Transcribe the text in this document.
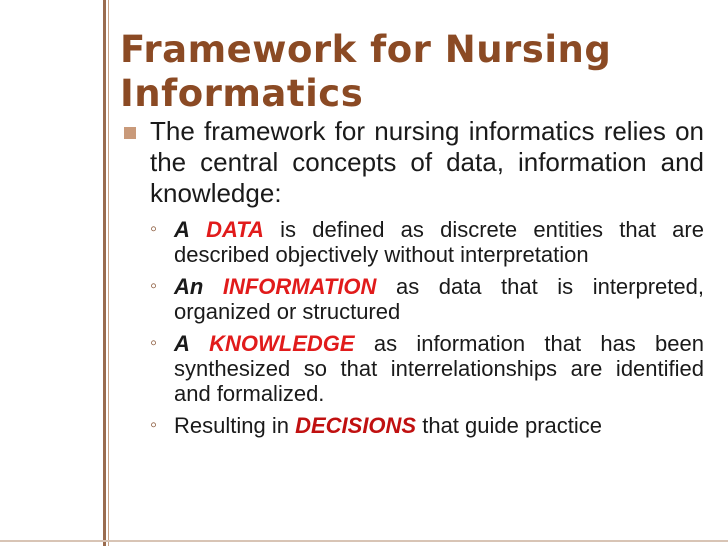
Framework for Nursing
Informatics
The framework for nursing informatics relies on the central concepts of data, information and knowledge:
◦ A DATA is defined as discrete entities that are described objectively without interpretation
◦ An INFORMATION as data that is interpreted, organized or structured
◦ A KNOWLEDGE as information that has been synthesized so that interrelationships are identified and formalized.
◦ Resulting in DECISIONS that guide practice
